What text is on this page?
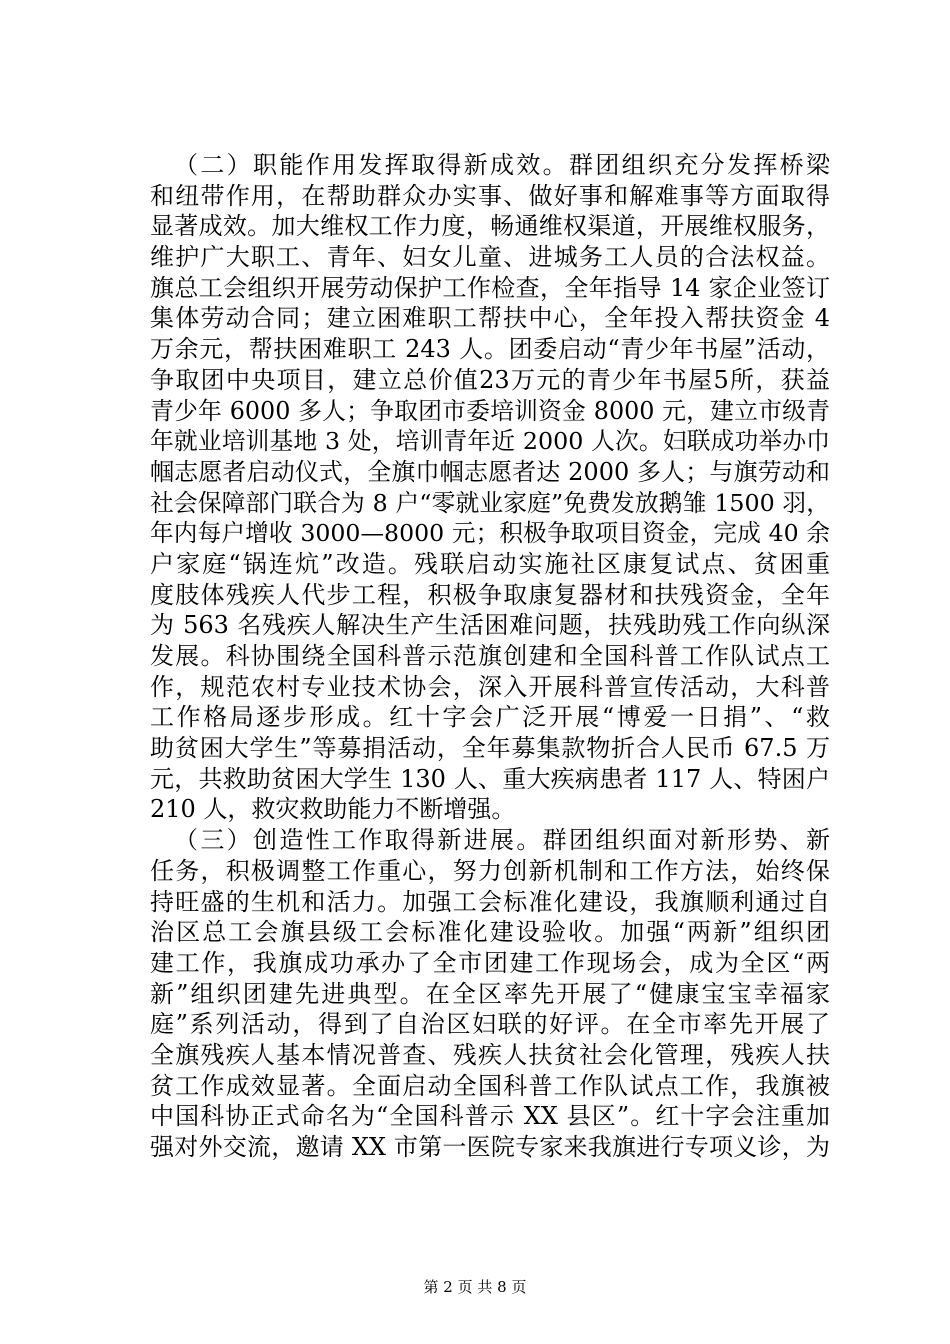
（二）职能作用发挥取得新成效。群团组织充分发挥桥梁
和纽带作用，在帮助群众办实事、做好事和解难事等方面取得
显著成效。加大维权工作力度，畅通维权渠道，开展维权服务，
维护广大职工、青年、妇女儿童、进城务工人员的合法权益。
旗总工会组织开展劳动保护工作检查，全年指导 14 家企业签订
集体劳动合同；建立困难职工帮扶中心，全年投入帮扶资金 4
万余元，帮扶困难职工 243 人。团委启动“青少年书屋”活动，
争取团中央项目，建立总价值23万元的青少年书屋5所，获益
青少年 6000 多人；争取团市委培训资金 8000 元，建立市级青
年就业培训基地 3 处，培训青年近 2000 人次。妇联成功举办巾
帼志愿者启动仪式，全旗巾帼志愿者达 2000 多人；与旗劳动和
社会保障部门联合为 8 户“零就业家庭”免费发放鹅雏 1500 羽，
年内每户增收 3000—8000 元；积极争取项目资金，完成 40 余
户家庭“锅连炕”改造。残联启动实施社区康复试点、贫困重
度肢体残疾人代步工程，积极争取康复器材和扶残资金，全年
为 563 名残疾人解决生产生活困难问题，扶残助残工作向纵深
发展。科协围绕全国科普示范旗创建和全国科普工作队试点工
作，规范农村专业技术协会，深入开展科普宣传活动，大科普
工作格局逐步形成。红十字会广泛开展“博爱一日捐”、“救
助贫困大学生”等募捐活动，全年募集款物折合人民币 67.5 万
元，共救助贫困大学生 130 人、重大疾病患者 117 人、特困户
210 人，救灾救助能力不断增强。
（三）创造性工作取得新进展。群团组织面对新形势、新
任务，积极调整工作重心，努力创新机制和工作方法，始终保
持旺盛的生机和活力。加强工会标准化建设，我旗顺利通过自
治区总工会旗县级工会标准化建设验收。加强“两新”组织团
建工作，我旗成功承办了全市团建工作现场会，成为全区“两
新”组织团建先进典型。在全区率先开展了“健康宝宝幸福家
庭”系列活动，得到了自治区妇联的好评。在全市率先开展了
全旗残疾人基本情况普查、残疾人扶贫社会化管理，残疾人扶
贫工作成效显著。全面启动全国科普工作队试点工作，我旗被
中国科协正式命名为“全国科普示 XX 县区”。红十字会注重加
强对外交流，邀请 XX 市第一医院专家来我旗进行专项义诊，为
第 2 页 共 8 页
